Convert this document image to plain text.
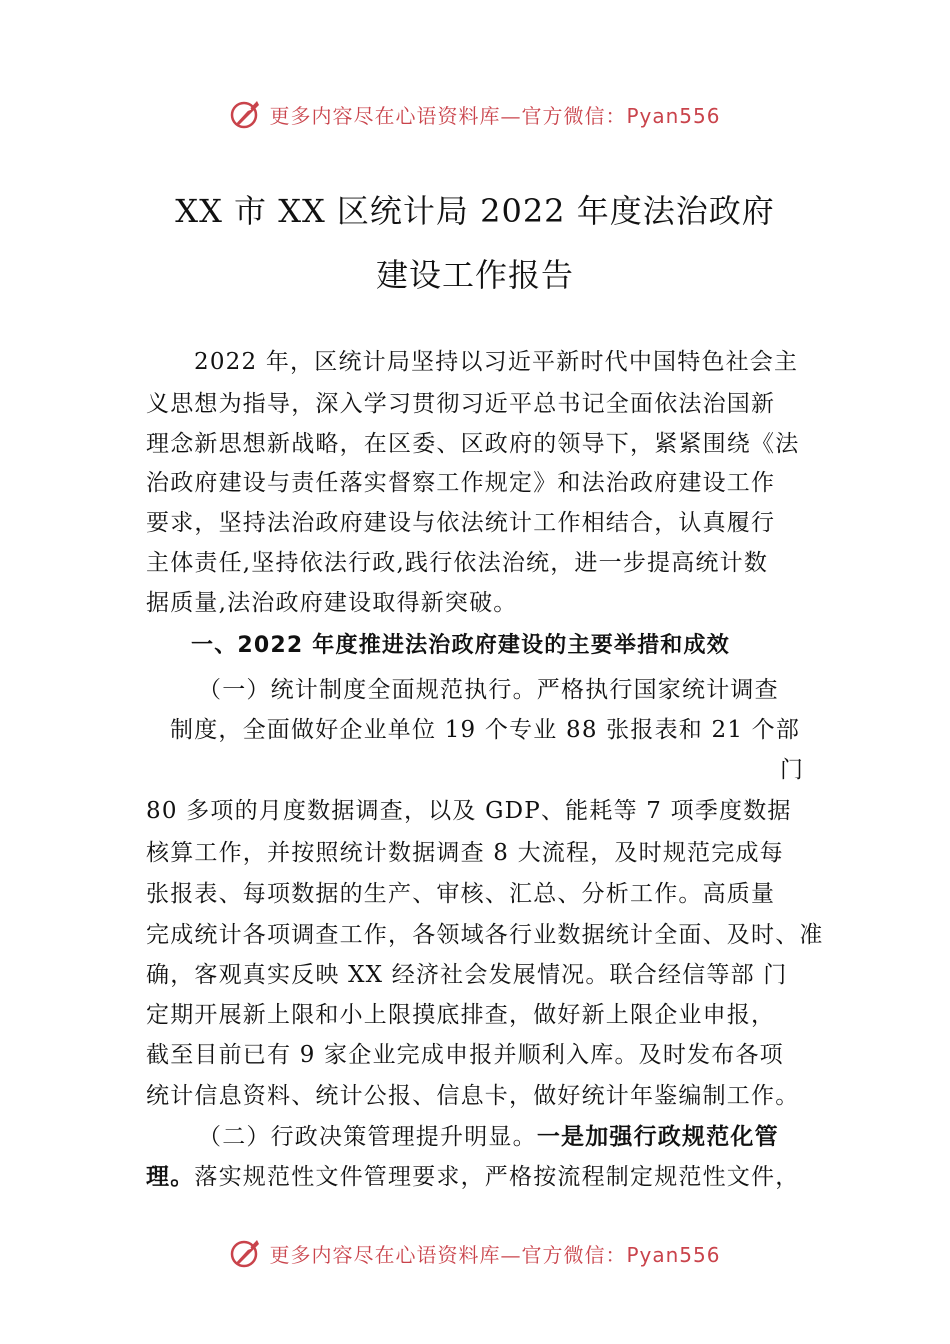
更多内容尽在心语资料库—官方微信：Pyan556
XX 市 XX 区统计局 2022 年度法治政府
建设工作报告
2022 年，区统计局坚持以习近平新时代中国特色社会主
义思想为指导，深入学习贯彻习近平总书记全面依法治国新
理念新思想新战略，在区委、区政府的领导下，紧紧围绕《法
治政府建设与责任落实督察工作规定》和法治政府建设工作
要求，坚持法治政府建设与依法统计工作相结合，认真履行
主体责任,坚持依法行政,践行依法治统，进一步提高统计数
据质量,法治政府建设取得新突破。
一、2022 年度推进法治政府建设的主要举措和成效
（一）统计制度全面规范执行。严格执行国家统计调查
制度，全面做好企业单位 19 个专业 88 张报表和 21 个部
门
80 多项的月度数据调查，以及 GDP、能耗等 7 项季度数据
核算工作，并按照统计数据调查 8 大流程，及时规范完成每
张报表、每项数据的生产、审核、汇总、分析工作。高质量
完成统计各项调查工作，各领域各行业数据统计全面、及时、准
确，客观真实反映 XX 经济社会发展情况。联合经信等部 门
定期开展新上限和小上限摸底排查，做好新上限企业申报，
截至目前已有 9 家企业完成申报并顺利入库。及时发布各项
统计信息资料、统计公报、信息卡，做好统计年鉴编制工作。
（二）行政决策管理提升明显。一是加强行政规范化管
理。落实规范性文件管理要求，严格按流程制定规范性文件，
更多内容尽在心语资料库—官方微信：Pyan556
